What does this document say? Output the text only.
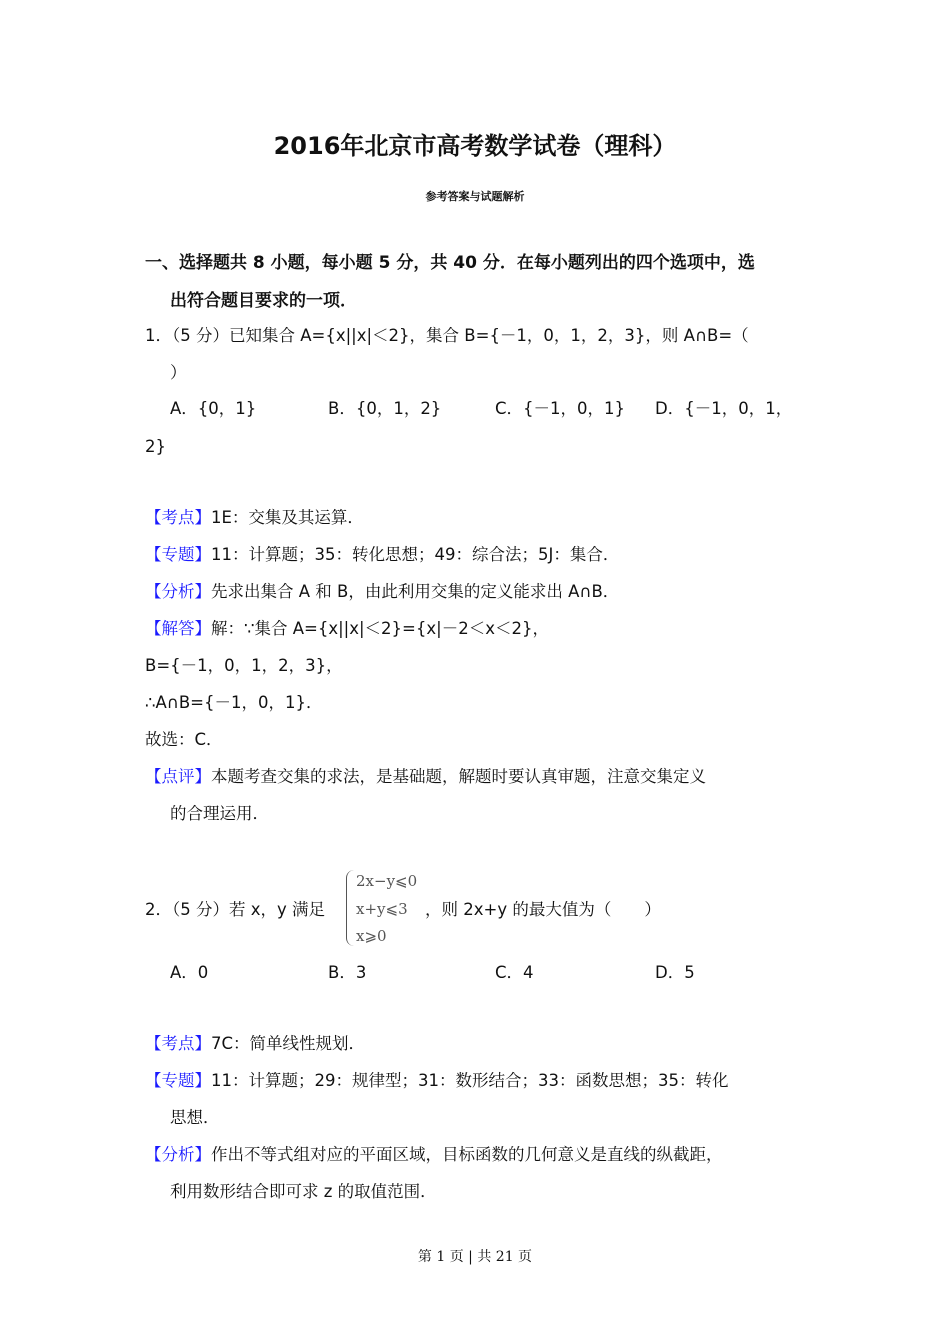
2016年北京市高考数学试卷（理科）
参考答案与试题解析
一、选择题共 8 小题，每小题 5 分，共 40 分．在每小题列出的四个选项中，选
出符合题目要求的一项．
1．（5 分）已知集合 A={x||x|＜2}，集合 B={－1，0，1，2，3}，则 A∩B=（
）
A．{0，1}	B．{0，1，2}	C．{－1，0，1} D．{－1，0，1，
2}
【考点】1E：交集及其运算．
【专题】11：计算题；35：转化思想；49：综合法；5J：集合．
【分析】先求出集合 A 和 B，由此利用交集的定义能求出 A∩B．
【解答】解：∵集合 A={x||x|＜2}={x|－2＜x＜2}，
B={－1，0，1，2，3}，
∴A∩B={－1，0，1}．
故选：C．
【点评】本题考查交集的求法，是基础题，解题时要认真审题，注意交集定义
的合理运用．
2．（5 分）若 x，y 满足
2x−y⩽0
x+y⩽3
x⩾0
，则 2x+y 的最大值为（　　）
A．0	B．3	C．4	D．5
【考点】7C：简单线性规划．
【专题】11：计算题；29：规律型；31：数形结合；33：函数思想；35：转化
思想．
【分析】作出不等式组对应的平面区域，目标函数的几何意义是直线的纵截距，
利用数形结合即可求 z 的取值范围．
第 1 页 | 共 21 页
